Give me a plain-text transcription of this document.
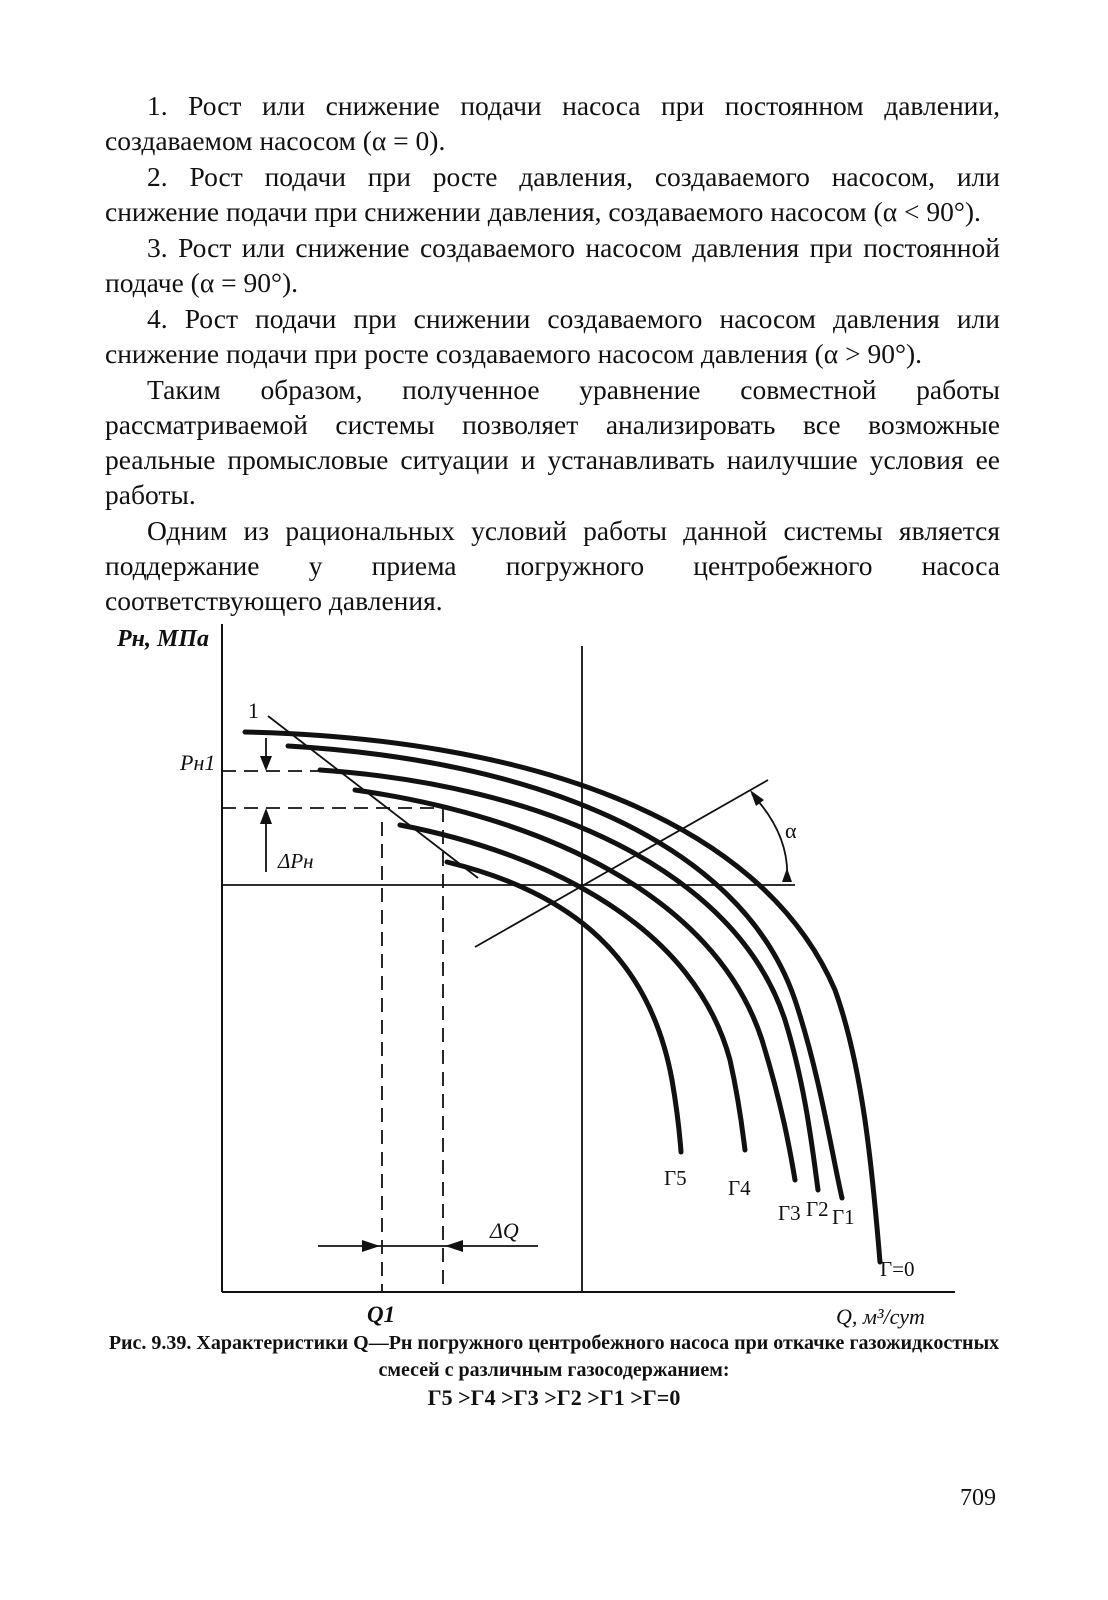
1. Рост или снижение подачи насоса при постоянном давлении, создаваемом насосом (α = 0).

2. Рост подачи при росте давления, создаваемого насосом, или снижение подачи при снижении давления, создаваемого насосом (α < 90°).

3. Рост или снижение создаваемого насосом давления при постоянной подаче (α = 90°).

4. Рост подачи при снижении создаваемого насосом давления или снижение подачи при росте создаваемого насосом давления (α > 90°).

Таким образом, полученное уравнение совместной работы рассматриваемой системы позволяет анализировать все возможные реальные промысловые ситуации и устанавливать наилучшие условия ее работы.

Одним из рациональных условий работы данной системы является поддержание у приема погружного центробежного насоса соответствующего давления.

Pн, МПа
1
Pн1
ΔPн
α
ΔQ
Q1	Q, м³/сут
Г5 Г4
Г3 Г2 Г1
Г=0
Рис. 9.39. Характеристики Q—Pн погружного центробежного насоса при откачке газожидкостных смесей с различным газосодержанием:
Г5 >Г4 >Г3 >Г2 >Г1 >Г=0
709
